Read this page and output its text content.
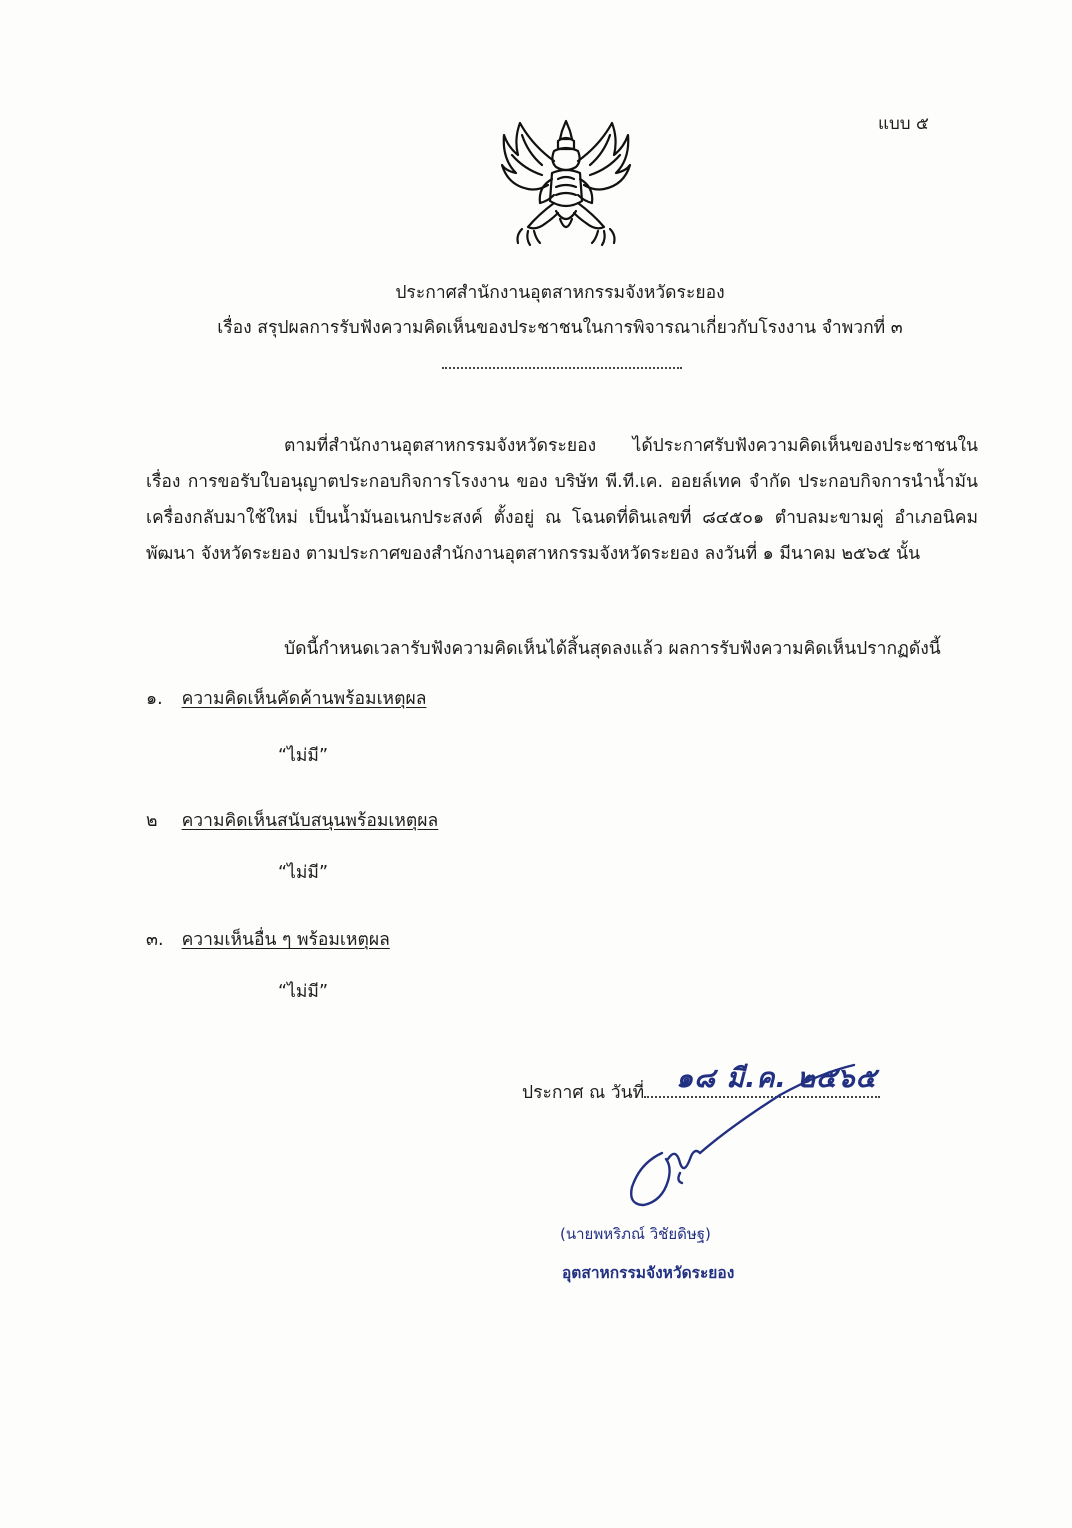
แบบ ๕
ประกาศสำนักงานอุตสาหกรรมจังหวัดระยอง
เรื่อง สรุปผลการรับฟังความคิดเห็นของประชาชนในการพิจารณาเกี่ยวกับโรงงาน จำพวกที่ ๓
ตามที่สำนักงานอุตสาหกรรมจังหวัดระยอง ได้ประกาศรับฟังความคิดเห็นของประชาชนในเรื่อง การขอรับใบอนุญาตประกอบกิจการโรงงาน ของ บริษัท พี.ที.เค. ออยล์เทค จำกัด ประกอบกิจการนำน้ำมันเครื่องกลับมาใช้ใหม่ เป็นน้ำมันอเนกประสงค์ ตั้งอยู่ ณ โฉนดที่ดินเลขที่ ๘๔๕๐๑ ตำบลมะขามคู่ อำเภอนิคมพัฒนา จังหวัดระยอง ตามประกาศของสำนักงานอุตสาหกรรมจังหวัดระยอง ลงวันที่ ๑ มีนาคม ๒๕๖๕ นั้น
บัดนี้กำหนดเวลารับฟังความคิดเห็นได้สิ้นสุดลงแล้ว ผลการรับฟังความคิดเห็นปรากฏดังนี้
๑. ความคิดเห็นคัดค้านพร้อมเหตุผล
“ไม่มี”
๒ ความคิดเห็นสนับสนุนพร้อมเหตุผล
“ไม่มี”
๓. ความเห็นอื่น ๆ พร้อมเหตุผล
“ไม่มี”
ประกาศ ณ วันที่	๑๘ มี.ค. ๒๕๖๕
(นายพหริภณ์ วิชัยดิษฐ)
อุตสาหกรรมจังหวัดระยอง
